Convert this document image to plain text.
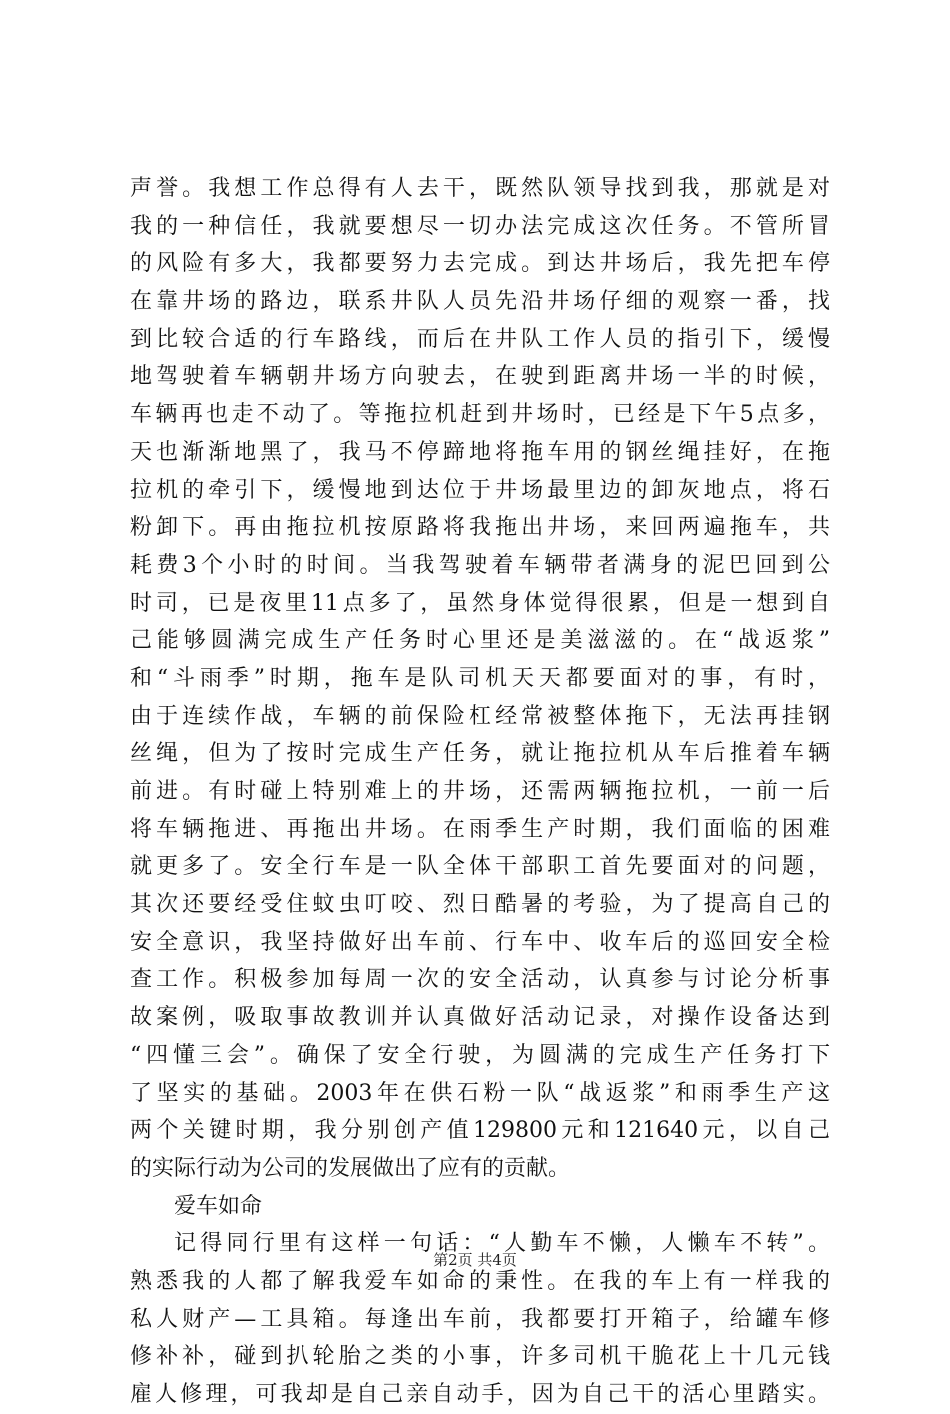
声誉。我想工作总得有人去干，既然队领导找到我，那就是对
我的一种信任，我就要想尽一切办法完成这次任务。不管所冒
的风险有多大，我都要努力去完成。到达井场后，我先把车停
在靠井场的路边，联系井队人员先沿井场仔细的观察一番，找
到比较合适的行车路线，而后在井队工作人员的指引下，缓慢
地驾驶着车辆朝井场方向驶去，在驶到距离井场一半的时候，
车辆再也走不动了。等拖拉机赶到井场时，已经是下午5点多，
天也渐渐地黑了，我马不停蹄地将拖车用的钢丝绳挂好，在拖
拉机的牵引下，缓慢地到达位于井场最里边的卸灰地点，将石
粉卸下。再由拖拉机按原路将我拖出井场，来回两遍拖车，共
耗费3个小时的时间。当我驾驶着车辆带者满身的泥巴回到公
时司，已是夜里11点多了，虽然身体觉得很累，但是一想到自
己能够圆满完成生产任务时心里还是美滋滋的。在“战返浆”
和“斗雨季”时期，拖车是队司机天天都要面对的事，有时，
由于连续作战，车辆的前保险杠经常被整体拖下，无法再挂钢
丝绳，但为了按时完成生产任务，就让拖拉机从车后推着车辆
前进。有时碰上特别难上的井场，还需两辆拖拉机，一前一后
将车辆拖进、再拖出井场。在雨季生产时期，我们面临的困难
就更多了。安全行车是一队全体干部职工首先要面对的问题，
其次还要经受住蚊虫叮咬、烈日酷暑的考验，为了提高自己的
安全意识，我坚持做好出车前、行车中、收车后的巡回安全检
查工作。积极参加每周一次的安全活动，认真参与讨论分析事
故案例，吸取事故教训并认真做好活动记录，对操作设备达到
“四懂三会”。确保了安全行驶，为圆满的完成生产任务打下
了坚实的基础。2003年在供石粉一队“战返浆”和雨季生产这
两个关键时期，我分别创产值129800元和121640元，以自己
的实际行动为公司的发展做出了应有的贡献。
爱车如命
记得同行里有这样一句话：“人勤车不懒，人懒车不转”。
熟悉我的人都了解我爱车如命的秉性。在我的车上有一样我的
私人财产—工具箱。每逢出车前，我都要打开箱子，给罐车修
修补补，碰到扒轮胎之类的小事，许多司机干脆花上十几元钱
雇人修理，可我却是自己亲自动手，因为自己干的活心里踏实。
第2页 共4页
